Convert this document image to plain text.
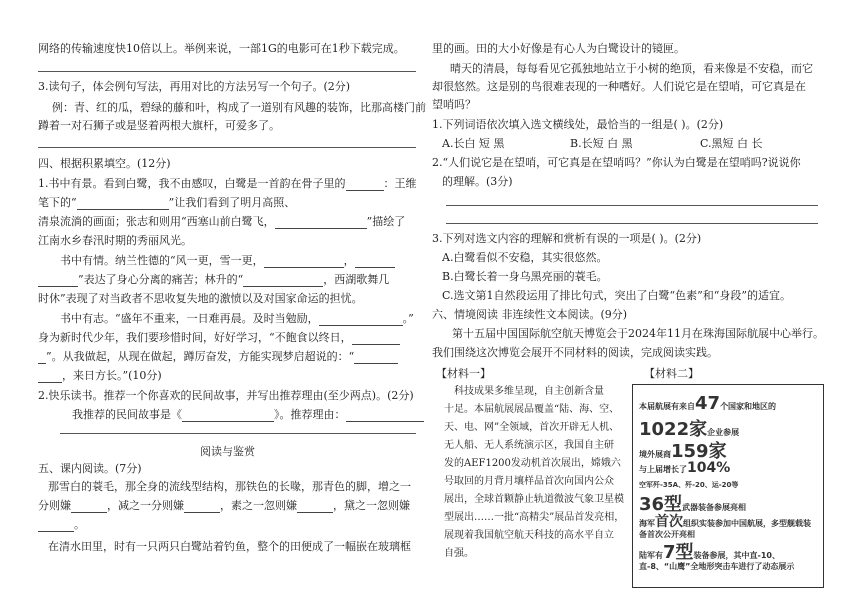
网络的传输速度快10倍以上。举例来说，一部1G的电影可在1秒下载完成。
3.读句子，体会例句写法，再用对比的方法另写一个句子。(2分)
例：青、红的瓜，碧绿的藤和叶，构成了一道别有风趣的装饰，比那高楼门前
蹲着一对石狮子或是竖着两根大旗杆，可爱多了。
四、根据积累填空。(12分)
1.书中有景。看到白鹭，我不由感叹，白鹭是一首韵在骨子里的	：王维
笔下的“	”让我们看到了明月高照、
清泉流淌的画面；张志和则用“西塞山前白鹭飞，	”描绘了
江南水乡春汛时期的秀丽风光。
书中有情。纳兰性德的“风一更，雪一更，	，
”表达了身心分离的痛苦；林升的“	，西湖歌舞几
时休”表现了对当政者不思收复失地的激愤以及对国家命运的担忧。
书中有志。“盛年不重来，一日难再晨。及时当勉励，	。”
身为新时代少年，我们要珍惜时间，好好学习，“不飽食以终日，
”。从我做起，从现在做起，蹲厉奋发，方能实现梦启超说的：“
，来日方长。”(10分)
2.快乐读书。推荐一个你喜欢的民间故事，并写出推荐理由(至少两点)。(2分)
我推荐的民间故事是《	》。推荐理由：
阅读与鉴赏
五、课内阅读。(7分)
那雪白的蓑毛，那全身的流线型结构，那铁色的长喙，那青色的脚，增之一
分则嫌	，减之一分则嫌	，素之一忽则嫌	，黛之一忽则嫌
。
在清水田里，时有一只两只白鹭站着钓鱼，整个的田便成了一幅嵌在玻璃框
里的画。田的大小好像是有心人为白鹭设计的镜匣。
晴天的清晨，每每看见它孤独地站立于小树的绝顶，看来像是不安稳，而它
却很悠然。这是别的鸟很难表现的一种嗜好。人们说它是在望哨，可它真是在
望哨吗？
1.下列词语依次填入选文横线处，最恰当的一组是( )。(2分)
A.长白 短 黑	B.长短 白 黑	C.黑短 白 长
2.“人们说它是在望哨，可它真是在望哨吗？”你认为白鹭是在望哨吗?说说你
的理解。(3分)
3.下列对选文内容的理解和赏析有误的一项是( )。(2分)
A.白鹭看似不安稳，其实很悠然。
B.白鹭长着一身乌黑亮丽的蓑毛。
C.选文第1自然段运用了排比句式，突出了白鹭“色素”和“身段”的适宜。
六、情境阅读 非连续性文本阅读。(9分)
第十五届中国国际航空航天博览会于2024年11月在珠海国际航展中心举行。
我们围绕这次博览会展开不同材料的阅读，完成阅读实践。
【材料一】	【材料二】
科技成果多维呈现，自主创新含量
十足。本届航展展品覆盖“陆、海、空、
天、电、网”全领域，首次开辟无人机、
无人船、无人系统演示区，我国自主研
发的AEF1200发动机首次展出，嫦娥六
号取回的月背月壤样品首次向国内公众
展出，全球首颗静止轨道微波气象卫星模
型展出……一批“高精尖”展品首发亮相，
展现着我国航空航天科技的高水平自立
自强。
本届航展有来自47个国家和地区的
1022家企业参展
境外展商159家
与上届增长了104%
空军歼-35A、歼-20、运-20等
36型武器装备参展亮相
海军首次组织实装参加中国航展，多型舰载装备首次公开亮相
陆军有7型装备参展，其中直-10、直-8、“山鹰”全地形突击车进行了动态展示
